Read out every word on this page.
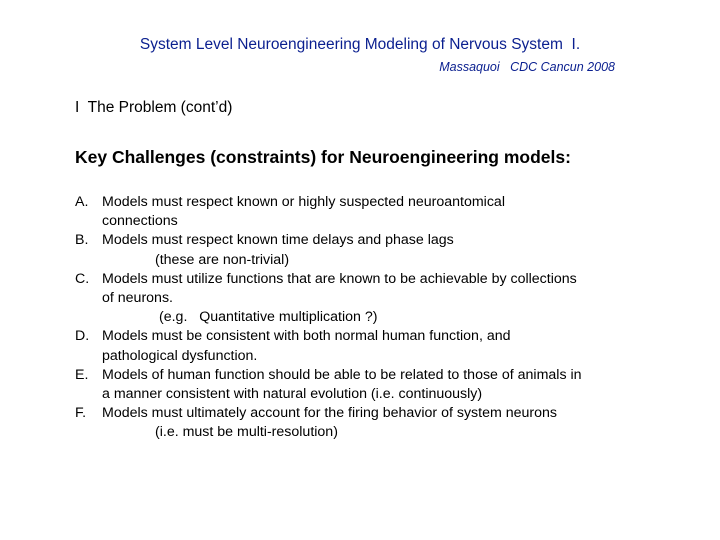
System Level Neuroengineering Modeling of Nervous System  I.
Massaquoi   CDC Cancun 2008
I  The Problem (cont’d)
Key Challenges (constraints) for Neuroengineering models:
A. Models must respect known or highly suspected neuroantomical
connections
B. Models must respect known time delays and phase lags
(these are non-trivial)
C. Models must utilize functions that are known to be achievable by collections
of neurons.
(e.g.   Quantitative multiplication ?)
D. Models must be consistent with both normal human function, and
pathological dysfunction.
E. Models of human function should be able to be related to those of animals in
a manner consistent with natural evolution (i.e. continuously)
F. Models must ultimately account for the firing behavior of system neurons
(i.e. must be multi-resolution)
